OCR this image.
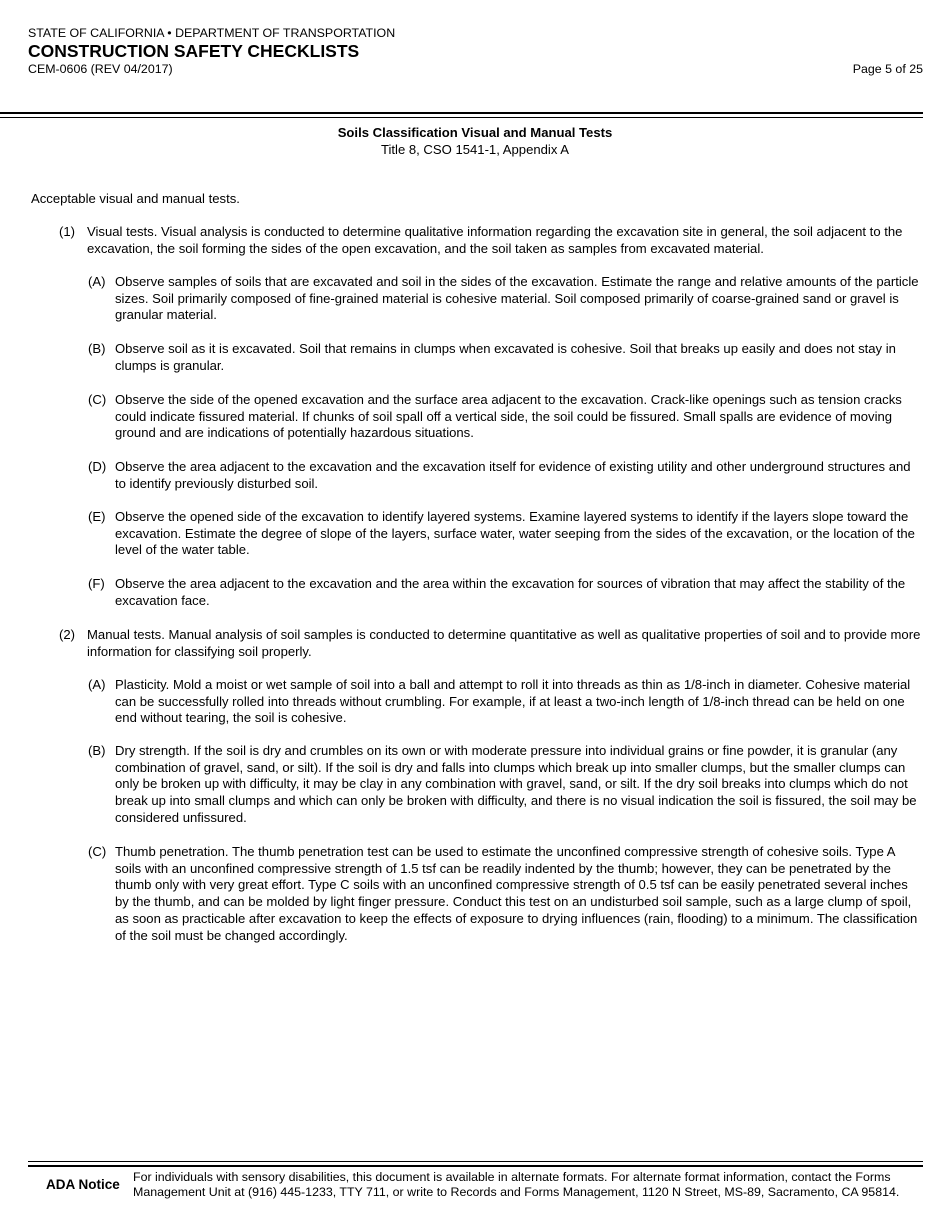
STATE OF CALIFORNIA • DEPARTMENT OF TRANSPORTATION
CONSTRUCTION SAFETY CHECKLISTS
CEM-0606 (REV 04/2017)	Page 5 of 25
Soils Classification Visual and Manual Tests
Title 8, CSO 1541-1, Appendix A
Acceptable visual and manual tests.
(1) Visual tests. Visual analysis is conducted to determine qualitative information regarding the excavation site in general, the soil adjacent to the excavation, the soil forming the sides of the open excavation, and the soil taken as samples from excavated material.
(A) Observe samples of soils that are excavated and soil in the sides of the excavation. Estimate the range and relative amounts of the particle sizes. Soil primarily composed of fine-grained material is cohesive material. Soil composed primarily of coarse-grained sand or gravel is granular material.
(B) Observe soil as it is excavated. Soil that remains in clumps when excavated is cohesive. Soil that breaks up easily and does not stay in clumps is granular.
(C) Observe the side of the opened excavation and the surface area adjacent to the excavation. Crack-like openings such as tension cracks could indicate fissured material. If chunks of soil spall off a vertical side, the soil could be fissured. Small spalls are evidence of moving ground and are indications of potentially hazardous situations.
(D) Observe the area adjacent to the excavation and the excavation itself for evidence of existing utility and other underground structures and to identify previously disturbed soil.
(E) Observe the opened side of the excavation to identify layered systems. Examine layered systems to identify if the layers slope toward the excavation. Estimate the degree of slope of the layers, surface water, water seeping from the sides of the excavation, or the location of the level of the water table.
(F) Observe the area adjacent to the excavation and the area within the excavation for sources of vibration that may affect the stability of the excavation face.
(2) Manual tests. Manual analysis of soil samples is conducted to determine quantitative as well as qualitative properties of soil and to provide more information for classifying soil properly.
(A) Plasticity. Mold a moist or wet sample of soil into a ball and attempt to roll it into threads as thin as 1/8-inch in diameter. Cohesive material can be successfully rolled into threads without crumbling. For example, if at least a two-inch length of 1/8-inch thread can be held on one end without tearing, the soil is cohesive.
(B) Dry strength. If the soil is dry and crumbles on its own or with moderate pressure into individual grains or fine powder, it is granular (any combination of gravel, sand, or silt). If the soil is dry and falls into clumps which break up into smaller clumps, but the smaller clumps can only be broken up with difficulty, it may be clay in any combination with gravel, sand, or silt. If the dry soil breaks into clumps which do not break up into small clumps and which can only be broken with difficulty, and there is no visual indication the soil is fissured, the soil may be considered unfissured.
(C) Thumb penetration. The thumb penetration test can be used to estimate the unconfined compressive strength of cohesive soils. Type A soils with an unconfined compressive strength of 1.5 tsf can be readily indented by the thumb; however, they can be penetrated by the thumb only with very great effort. Type C soils with an unconfined compressive strength of 0.5 tsf can be easily penetrated several inches by the thumb, and can be molded by light finger pressure. Conduct this test on an undisturbed soil sample, such as a large clump of spoil, as soon as practicable after excavation to keep the effects of exposure to drying influences (rain, flooding) to a minimum. The classification of the soil must be changed accordingly.
ADA Notice For individuals with sensory disabilities, this document is available in alternate formats. For alternate format information, contact the Forms Management Unit at (916) 445-1233, TTY 711, or write to Records and Forms Management, 1120 N Street, MS-89, Sacramento, CA 95814.
